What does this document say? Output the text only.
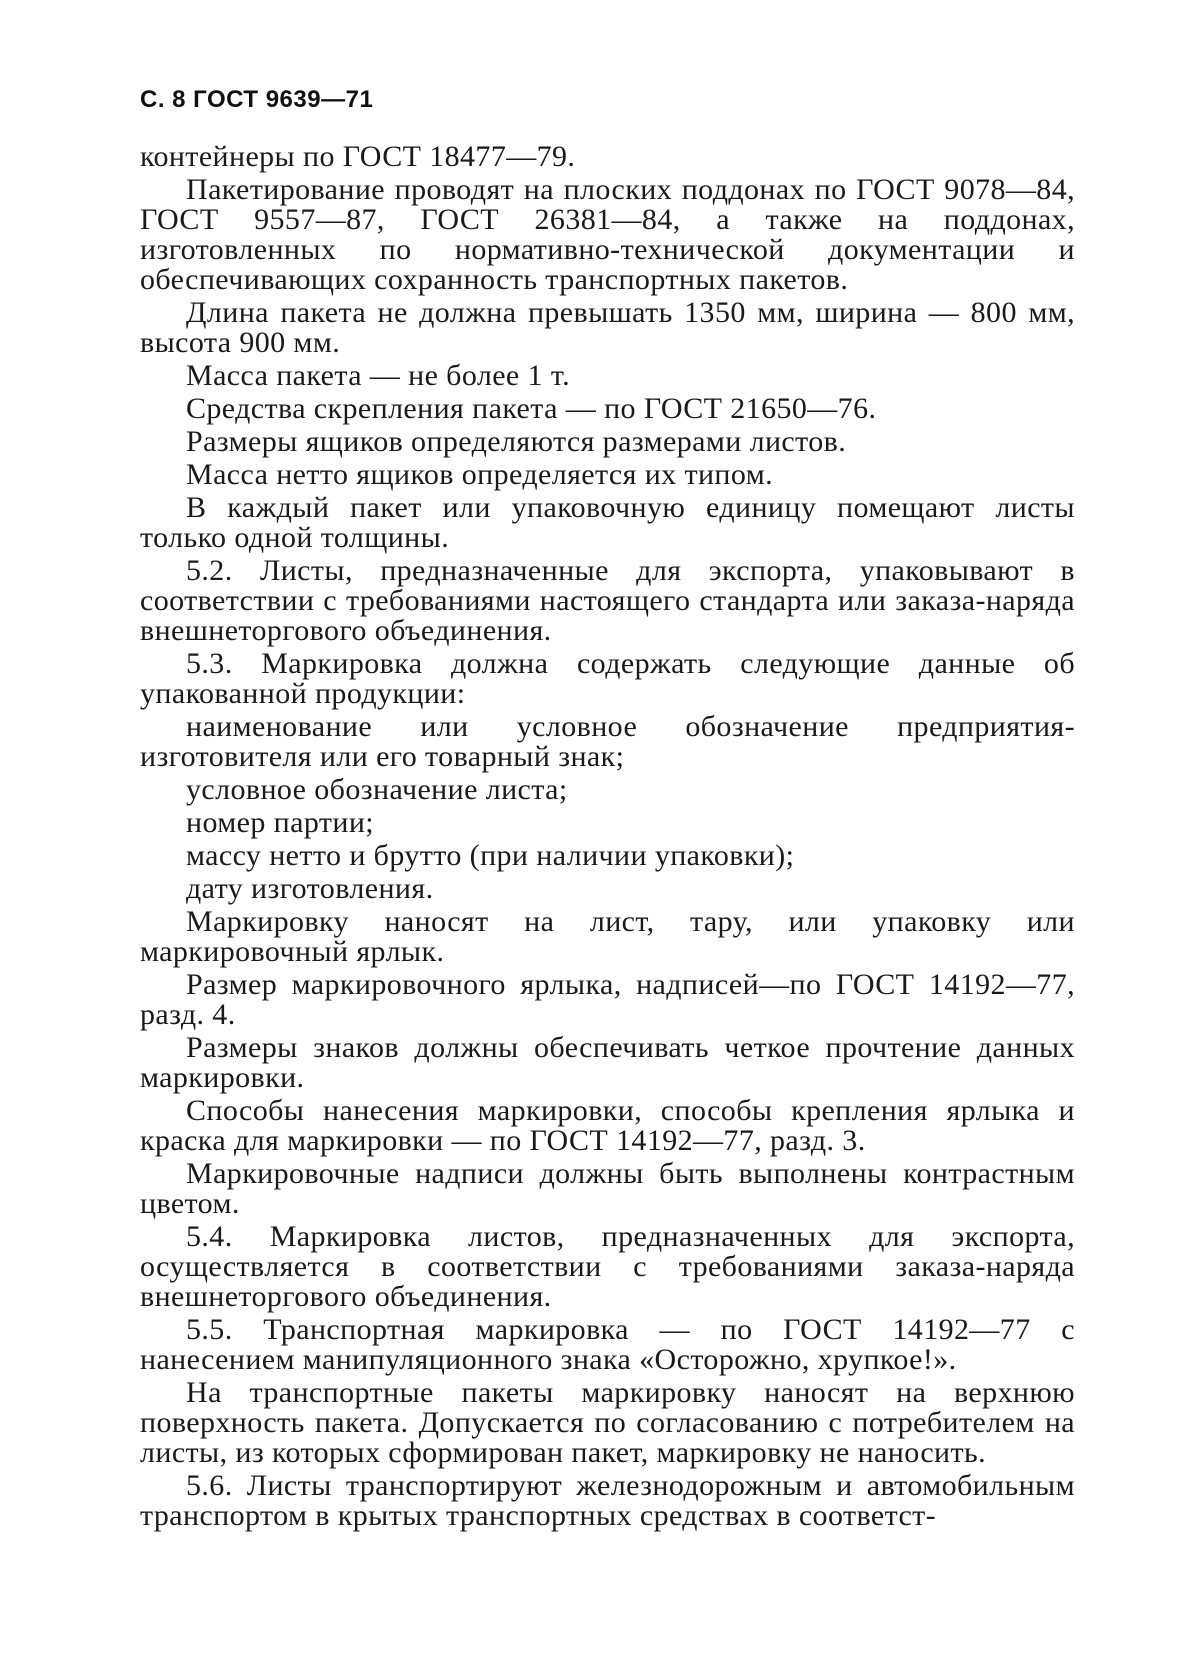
С. 8 ГОСТ 9639—71

контейнеры по ГОСТ 18477—79.

Пакетирование проводят на плоских поддонах по ГОСТ 9078—84, ГОСТ 9557—87, ГОСТ 26381—84, а также на поддонах, изготовленных по нормативно-технической документации и обеспечивающих сохранность транспортных пакетов.

Длина пакета не должна превышать 1350 мм, ширина — 800 мм, высота 900 мм.

Масса пакета — не более 1 т.

Средства скрепления пакета — по ГОСТ 21650—76.

Размеры ящиков определяются размерами листов.

Масса нетто ящиков определяется их типом.

В каждый пакет или упаковочную единицу помещают листы только одной толщины.

5.2. Листы, предназначенные для экспорта, упаковывают в соответствии с требованиями настоящего стандарта или заказа-наряда внешнеторгового объединения.

5.3. Маркировка должна содержать следующие данные об упакованной продукции:

наименование или условное обозначение предприятия-изготовителя или его товарный знак;

условное обозначение листа;

номер партии;

массу нетто и брутто (при наличии упаковки);

дату изготовления.

Маркировку наносят на лист, тару, или упаковку или маркировочный ярлык.

Размер маркировочного ярлыка, надписей—по ГОСТ 14192—77, разд. 4.

Размеры знаков должны обеспечивать четкое прочтение данных маркировки.

Способы нанесения маркировки, способы крепления ярлыка и краска для маркировки — по ГОСТ 14192—77, разд. 3.

Маркировочные надписи должны быть выполнены контрастным цветом.

5.4. Маркировка листов, предназначенных для экспорта, осуществляется в соответствии с требованиями заказа-наряда внешнеторгового объединения.

5.5. Транспортная маркировка — по ГОСТ 14192—77 с нанесением манипуляционного знака «Осторожно, хрупкое!».

На транспортные пакеты маркировку наносят на верхнюю поверхность пакета. Допускается по согласованию с потребителем на листы, из которых сформирован пакет, маркировку не наносить.

5.6. Листы транспортируют железнодорожным и автомобильным транспортом в крытых транспортных средствах в соответст-
